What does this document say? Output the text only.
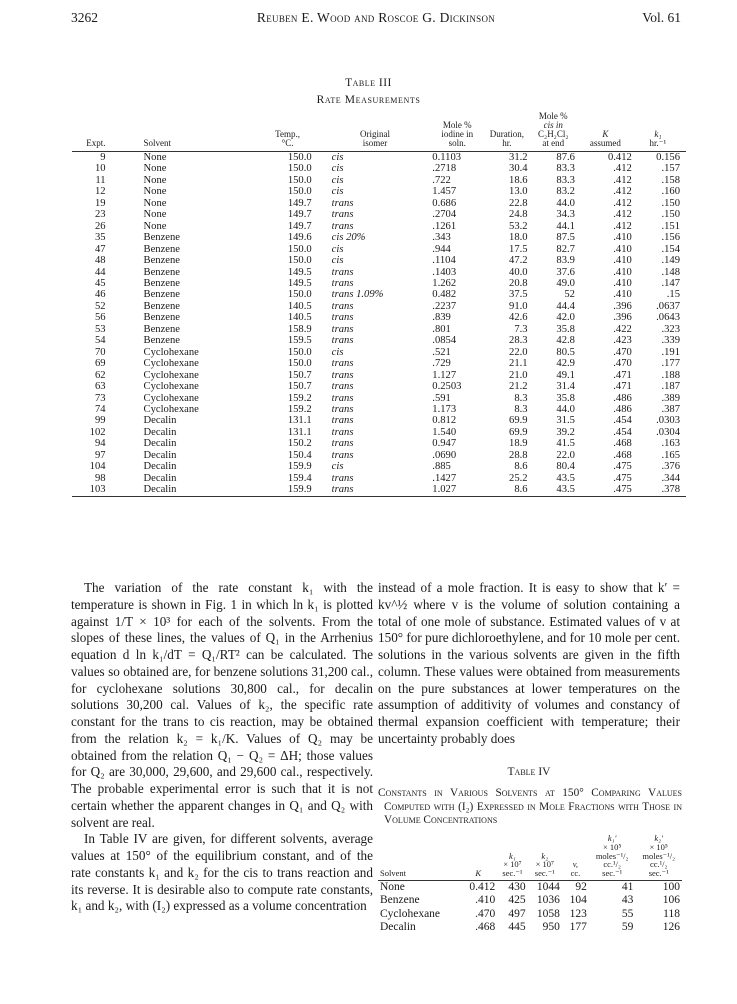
3262	Reuben E. Wood and Roscoe G. Dickinson	Vol. 61
Table III
Rate Measurements
Expt.	Solvent	Temp.,
°C.	Original
isomer	Mole %
iodine in
soln.	Duration,
hr.	Mole %
cis in
C₂H₂Cl₂
at end	K
assumed	k₁
hr.⁻¹
9	None	150.0	cis	0.1103	31.2	87.6	0.412	0.156
10	None	150.0	cis	.2718	30.4	83.3	.412	.157
11	None	150.0	cis	.722	18.6	83.3	.412	.158
12	None	150.0	cis	1.457	13.0	83.2	.412	.160
19	None	149.7	trans	0.686	22.8	44.0	.412	.150
23	None	149.7	trans	.2704	24.8	34.3	.412	.150
26	None	149.7	trans	.1261	53.2	44.1	.412	.151
35	Benzene	149.6	cis 20%	.343	18.0	87.5	.410	.156
47	Benzene	150.0	cis	.944	17.5	82.7	.410	.154
48	Benzene	150.0	cis	.1104	47.2	83.9	.410	.149
44	Benzene	149.5	trans	.1403	40.0	37.6	.410	.148
45	Benzene	149.5	trans	1.262	20.8	49.0	.410	.147
46	Benzene	150.0	trans 1.09%	0.482	37.5	52	.410	.15
52	Benzene	140.5	trans	.2237	91.0	44.4	.396	.0637
56	Benzene	140.5	trans	.839	42.6	42.0	.396	.0643
53	Benzene	158.9	trans	.801	7.3	35.8	.422	.323
54	Benzene	159.5	trans	.0854	28.3	42.8	.423	.339
70	Cyclohexane	150.0	cis	.521	22.0	80.5	.470	.191
69	Cyclohexane	150.0	trans	.729	21.1	42.9	.470	.177
62	Cyclohexane	150.7	trans	1.127	21.0	49.1	.471	.188
63	Cyclohexane	150.7	trans	0.2503	21.2	31.4	.471	.187
73	Cyclohexane	159.2	trans	.591	8.3	35.8	.486	.389
74	Cyclohexane	159.2	trans	1.173	8.3	44.0	.486	.387
99	Decalin	131.1	trans	0.812	69.9	31.5	.454	.0303
102	Decalin	131.1	trans	1.540	69.9	39.2	.454	.0304
94	Decalin	150.2	trans	0.947	18.9	41.5	.468	.163
97	Decalin	150.4	trans	.0690	28.8	22.0	.468	.165
104	Decalin	159.9	cis	.885	8.6	80.4	.475	.376
98	Decalin	159.4	trans	.1427	25.2	43.5	.475	.344
103	Decalin	159.9	trans	1.027	8.6	43.5	.475	.378

The variation of the rate constant k₁ with the temperature is shown in Fig. 1 in which ln k₁ is plotted against 1/T × 10³ for each of the solvents. From the slopes of these lines, the values of Q₁ in the Arrhenius equation d ln k₁/dT = Q₁/RT² can be calculated. The values so obtained are, for benzene solutions 31,200 cal., for cyclohexane solutions 30,800 cal., for decalin solutions 30,200 cal. Values of k₂, the specific rate constant for the trans to cis reaction, may be obtained from the relation k₂ = k₁/K. Values of Q₂ may be obtained from the relation Q₁ − Q₂ = ΔH; those values for Q₂ are 30,000, 29,600, and 29,600 cal., respectively. The probable experimental error is such that it is not certain whether the apparent changes in Q₁ and Q₂ with solvent are real.

In Table IV are given, for different solvents, average values at 150° of the equilibrium constant, and of the rate constants k₁ and k₂ for the cis to trans reaction and its reverse. It is desirable also to compute rate constants, k₁ and k₂, with (I₂) expressed as a volume concentration

instead of a mole fraction. It is easy to show that k′ = kv^½ where v is the volume of solution containing a total of one mole of substance. Estimated values of v at 150° for pure dichloroethylene, and for 10 mole per cent. solutions in the various solvents are given in the fifth column. These values were obtained from measurements on the pure substances at lower temperatures on the assumption of additivity of volumes and constancy of thermal expansion coefficient with temperature; their uncertainty probably does

Table IV
Constants in Various Solvents at 150° Comparing Values Computed with (I₂) Expressed in Mole Fractions with Those in Volume Concentrations
Solvent	K	k₁
× 10⁷
sec.⁻¹	k₂
× 10⁷
sec.⁻¹	v,
cc.	k₁′
× 10⁵
moles⁻¹/₂
cc.¹/₂
sec.⁻¹	k₂′
× 10⁵
moles⁻¹/₂
cc.¹/₂
sec.⁻¹
None	0.412	430	1044	92	41	100
Benzene	.410	425	1036	104	43	106
Cyclohexane	.470	497	1058	123	55	118
Decalin	.468	445	950	177	59	126
